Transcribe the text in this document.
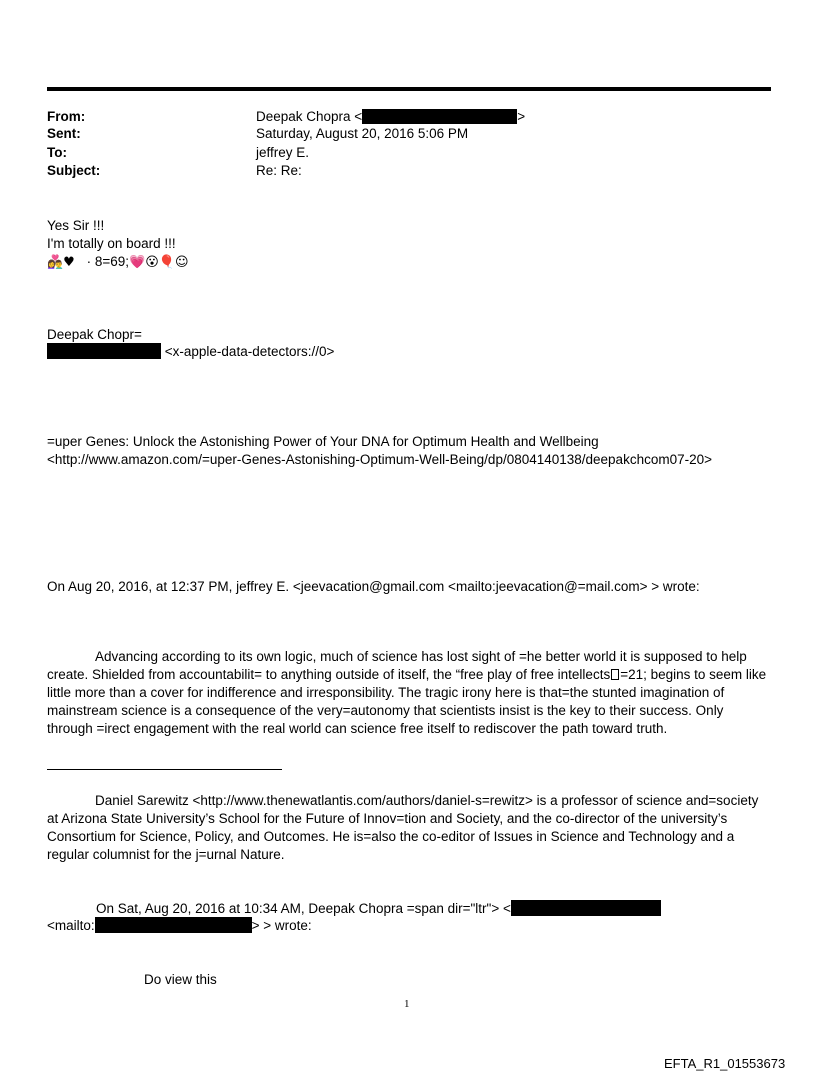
From:	Deepak Chopra <	>
Sent:	Saturday, August 20, 2016 5:06 PM
To:	jeffrey E.
Subject:	Re: Re:
Yes Sir !!!
I'm totally on board !!!
👩‍❤️‍👨♥ · 8=69;💗😮🎈☺
Deepak Chopr=
<x-apple-data-detectors://0>
=uper Genes: Unlock the Astonishing Power of Your DNA for Optimum Health and Wellbeing
<http://www.amazon.com/=uper-Genes-Astonishing-Optimum-Well-Being/dp/0804140138/deepakchcom07-20>
On Aug 20, 2016, at 12:37 PM, jeffrey E. <jeevacation@gmail.com <mailto:jeevacation@=mail.com> > wrote:
Advancing according to its own logic, much of science has lost sight of =he better world it is supposed to help create. Shielded from accountabilit= to anything outside of itself, the “free play of free intellects =21; begins to seem like little more than a cover for indifference and irresponsibility. The tragic irony here is that=the stunted imagination of mainstream science is a consequence of the very=autonomy that scientists insist is the key to their success. Only through =irect engagement with the real world can science free itself to rediscover the path toward truth.
Daniel Sarewitz <http://www.thenewatlantis.com/authors/daniel-s=rewitz> is a professor of science and=society at Arizona State University’s School for the Future of Innov=tion and Society, and the co-director of the university’s Consortium for Science, Policy, and Outcomes. He is=also the co-editor of Issues in Science and Technology and a regular columnist for the j=urnal Nature.
On Sat, Aug 20, 2016 at 10:34 AM, Deepak Chopra =span dir="ltr"> <
<mailto:	> > wrote:
Do view this
1
EFTA_R1_01553673
